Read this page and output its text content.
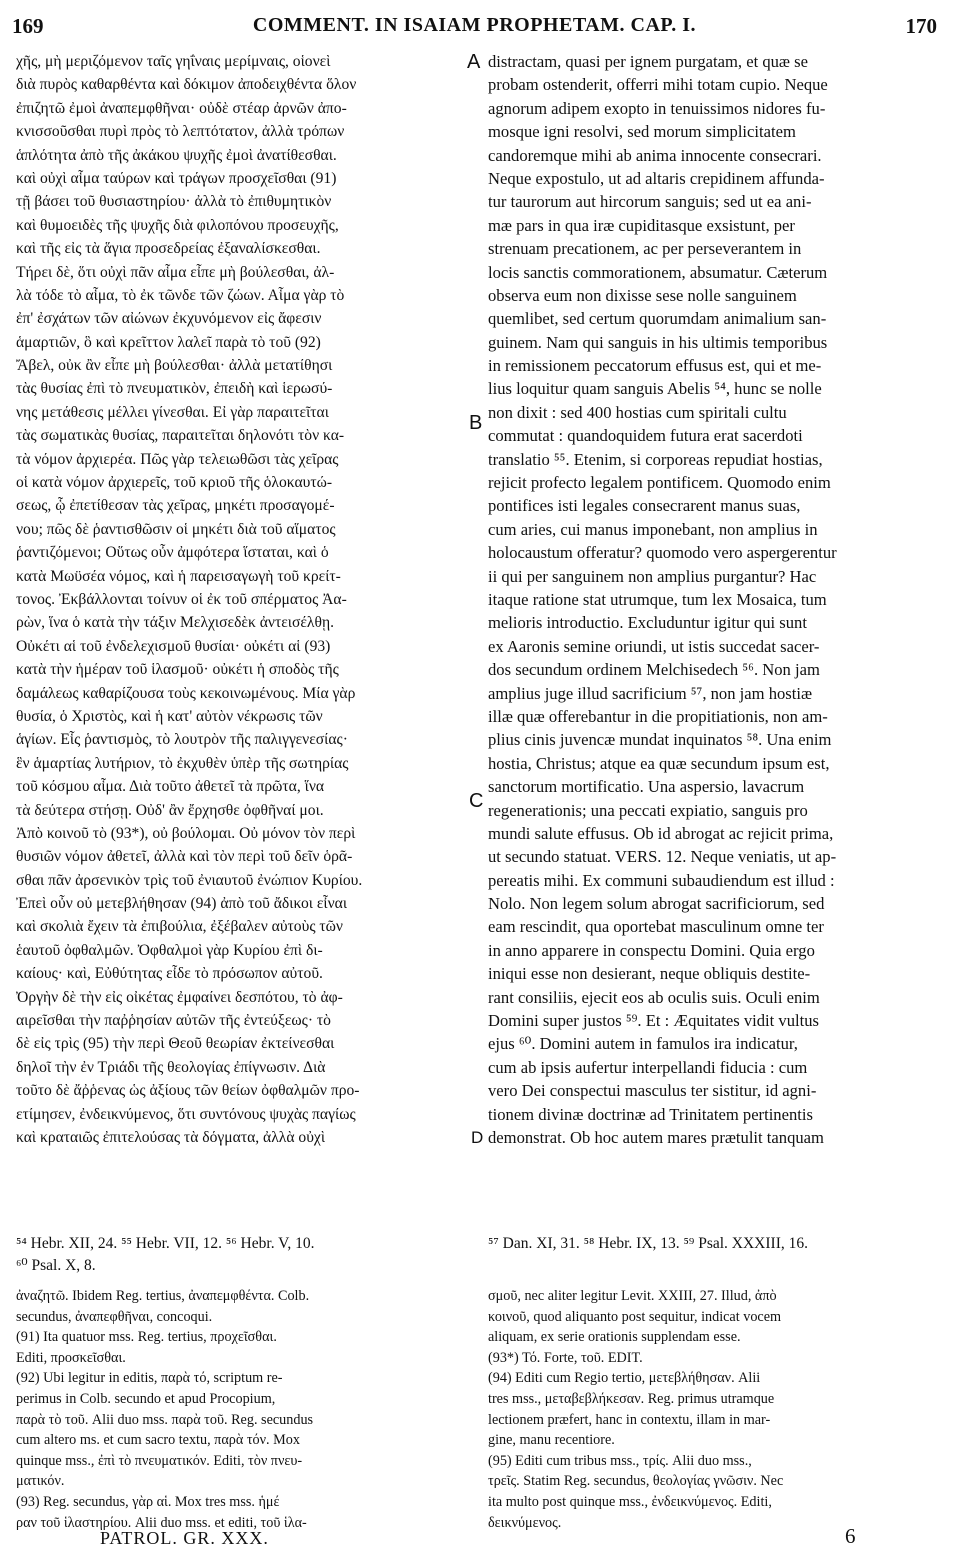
169	COMMENT. IN ISAIAM PROPHETAM. CAP. I.	170
χῆς, μὴ μεριζόμενον ταῖς γηΐναις μερίμναις, οἱονεὶ
διὰ πυρὸς καθαρθέντα καὶ δόκιμον ἀποδειχθέντα ὅλον
ἐπιζητῶ ἐμοὶ ἀναπεμφθῆναι· οὐδὲ στέαρ ἀρνῶν ἀπο-
κνισσοῦσθαι πυρὶ πρὸς τὸ λεπτότατον, ἀλλὰ τρόπων
ἁπλότητα ἀπὸ τῆς ἀκάκου ψυχῆς ἐμοὶ ἀνατίθεσθαι.
καὶ οὐχὶ αἷμα ταύρων καὶ τράγων προσχεῖσθαι (91)
τῇ βάσει τοῦ θυσιαστηρίου· ἀλλὰ τὸ ἐπιθυμητικὸν
καὶ θυμοειδὲς τῆς ψυχῆς διὰ φιλοπόνου προσευχῆς,
καὶ τῆς εἰς τὰ ἅγια προσεδρείας ἐξαναλίσκεσθαι.
Τήρει δὲ, ὅτι οὐχὶ πᾶν αἷμα εἶπε μὴ βούλεσθαι, ἀλ-
λὰ τόδε τὸ αἷμα, τὸ ἐκ τῶνδε τῶν ζώων. Αἷμα γὰρ τὸ
ἐπ' ἐσχάτων τῶν αἰώνων ἐκχυνόμενον εἰς ἄφεσιν
ἁμαρτιῶν, ὃ καὶ κρεῖττον λαλεῖ παρὰ τὸ τοῦ (92)
Ἄβελ, οὐκ ἂν εἶπε μὴ βούλεσθαι· ἀλλὰ μετατίθησι
τὰς θυσίας ἐπὶ τὸ πνευματικὸν, ἐπειδὴ καὶ ἱερωσύ-
νης μετάθεσις μέλλει γίνεσθαι. Εἰ γὰρ παραιτεῖται
τὰς σωματικὰς θυσίας, παραιτεῖται δηλονότι τὸν κα-
τὰ νόμον ἀρχιερέα. Πῶς γὰρ τελειωθῶσι τὰς χεῖρας
οἱ κατὰ νόμον ἀρχιερεῖς, τοῦ κριοῦ τῆς ὁλοκαυτώ-
σεως, ᾧ ἐπετίθεσαν τὰς χεῖρας, μηκέτι προσαγομέ-
νου; πῶς δὲ ῥαντισθῶσιν οἱ μηκέτι διὰ τοῦ αἵματος
ῥαντιζόμενοι; Οὕτως οὖν ἀμφότερα ἵσταται, καὶ ὁ
κατὰ Μωϋσέα νόμος, καὶ ἡ παρεισαγωγὴ τοῦ κρείτ-
τονος. Ἐκβάλλονται τοίνυν οἱ ἐκ τοῦ σπέρματος Ἀα-
ρὼν, ἵνα ὁ κατὰ τὴν τάξιν Μελχισεδὲκ ἀντεισέλθῃ.
Οὐκέτι αἱ τοῦ ἐνδελεχισμοῦ θυσίαι· οὐκέτι αἱ (93)
κατὰ τὴν ἡμέραν τοῦ ἱλασμοῦ· οὐκέτι ἡ σποδὸς τῆς
δαμάλεως καθαρίζουσα τοὺς κεκοινωμένους. Μία γὰρ
θυσία, ὁ Χριστὸς, καὶ ἡ κατ' αὐτὸν νέκρωσις τῶν
ἁγίων. Εἷς ῥαντισμὸς, τὸ λουτρὸν τῆς παλιγγενεσίας·
ἓν ἁμαρτίας λυτήριον, τὸ ἐκχυθὲν ὑπὲρ τῆς σωτηρίας
τοῦ κόσμου αἷμα. Διὰ τοῦτο ἀθετεῖ τὰ πρῶτα, ἵνα
τὰ δεύτερα στήσῃ. Οὐδ' ἂν ἔρχησθε ὀφθῆναί μοι.
Ἀπὸ κοινοῦ τὸ (93*), οὐ βούλομαι. Οὐ μόνον τὸν περὶ
θυσιῶν νόμον ἀθετεῖ, ἀλλὰ καὶ τὸν περὶ τοῦ δεῖν ὁρᾶ-
σθαι πᾶν ἀρσενικὸν τρὶς τοῦ ἐνιαυτοῦ ἐνώπιον Κυρίου.
Ἐπεὶ οὖν οὐ μετεβλήθησαν (94) ἀπὸ τοῦ ἄδικοι εἶναι
καὶ σκολιὰ ἔχειν τὰ ἐπιβούλια, ἐξέβαλεν αὐτοὺς τῶν
ἑαυτοῦ ὀφθαλμῶν. Ὀφθαλμοὶ γὰρ Κυρίου ἐπὶ δι-
καίους· καὶ, Εὐθύτητας εἶδε τὸ πρόσωπον αὐτοῦ.
Ὀργὴν δὲ τὴν εἰς οἰκέτας ἐμφαίνει δεσπότου, τὸ ἀφ-
αιρεῖσθαι τὴν παῤῥησίαν αὐτῶν τῆς ἐντεύξεως· τὸ
δὲ εἰς τρὶς (95) τὴν περὶ Θεοῦ θεωρίαν ἐκτείνεσθαι
δηλοῖ τὴν ἐν Τριάδι τῆς θεολογίας ἐπίγνωσιν. Διὰ
τοῦτο δὲ ἄῤῥενας ὡς ἀξίους τῶν θείων ὀφθαλμῶν προ-
ετίμησεν, ἐνδεικνύμενος, ὅτι συντόνους ψυχὰς παγίως
καὶ κραταιῶς ἐπιτελούσας τὰ δόγματα, ἀλλὰ οὐχὶ
distractam, quasi per ignem purgatam, et quæ se
probam ostenderit, offerri mihi totam cupio. Neque
agnorum adipem exopto in tenuissimos nidores fu-
mosque igni resolvi, sed morum simplicitatem
candoremque mihi ab anima innocente consecrari.
Neque expostulo, ut ad altaris crepidinem affunda-
tur taurorum aut hircorum sanguis; sed ut ea ani-
mæ pars in qua iræ cupiditasque exsistunt, per
strenuam precationem, ac per perseverantem in
locis sanctis commorationem, absumatur. Cæterum
observa eum non dixisse sese nolle sanguinem
quemlibet, sed certum quorumdam animalium san-
guinem. Nam qui sanguis in his ultimis temporibus
in remissionem peccatorum effusus est, qui et me-
lius loquitur quam sanguis Abelis ⁵⁴, hunc se nolle
non dixit : sed 400 hostias cum spiritali cultu
commutat : quandoquidem futura erat sacerdoti
translatio ⁵⁵. Etenim, si corporeas repudiat hostias,
rejicit profecto legalem pontificem. Quomodo enim
pontifices isti legales consecrarent manus suas,
cum aries, cui manus imponebant, non amplius in
holocaustum offeratur? quomodo vero aspergerentur
ii qui per sanguinem non amplius purgantur? Hac
itaque ratione stat utrumque, tum lex Mosaica, tum
melioris introductio. Excluduntur igitur qui sunt
ex Aaronis semine oriundi, ut istis succedat sacer-
dos secundum ordinem Melchisedech ⁵⁶. Non jam
amplius juge illud sacrificium ⁵⁷, non jam hostiæ
illæ quæ offerebantur in die propitiationis, non am-
plius cinis juvencæ mundat inquinatos ⁵⁸. Una enim
hostia, Christus; atque ea quæ secundum ipsum est,
sanctorum mortificatio. Una aspersio, lavacrum
regenerationis; una peccati expiatio, sanguis pro
mundi salute effusus. Ob id abrogat ac rejicit prima,
ut secundo statuat. VERS. 12. Neque veniatis, ut ap-
pereatis mihi. Ex communi subaudiendum est illud :
Nolo. Non legem solum abrogat sacrificiorum, sed
eam rescindit, qua oportebat masculinum omne ter
in anno apparere in conspectu Domini. Quia ergo
iniqui esse non desierant, neque obliquis destite-
rant consiliis, ejecit eos ab oculis suis. Oculi enim
Domini super justos ⁵⁹. Et : Æquitates vidit vultus
ejus ⁶⁰. Domini autem in famulos ira indicatur,
cum ab ipsis aufertur interpellandi fiducia : cum
vero Dei conspectui masculus ter sistitur, id agni-
tionem divinæ doctrinæ ad Trinitatem pertinentis
demonstrat. Ob hoc autem mares prætulit tanquam
A
B
C
D
⁵⁴ Hebr. XII, 24. ⁵⁵ Hebr. VII, 12. ⁵⁶ Hebr. V, 10.
⁶⁰ Psal. X, 8.
⁵⁷ Dan. XI, 31. ⁵⁸ Hebr. IX, 13. ⁵⁹ Psal. XXXIII, 16.
ἀναζητῶ. Ibidem Reg. tertius, ἀναπεμφθέντα. Colb.
secundus, ἀναπεφθῆναι, concoqui.
(91) Ita quatuor mss. Reg. tertius, προχεῖσθαι.
Editi, προσκεῖσθαι.
(92) Ubi legitur in editis, παρὰ τό, scriptum re-
perimus in Colb. secundo et apud Procopium,
παρὰ τὸ τοῦ. Alii duo mss. παρὰ τοῦ. Reg. secundus
cum altero ms. et cum sacro textu, παρὰ τόν. Mox
quinque mss., ἐπὶ τὸ πνευματικόν. Editi, τὸν πνευ-
ματικόν.
(93) Reg. secundus, γὰρ αἱ. Mox tres mss. ἡμέ
ραν τοῦ ἱλαστηρίου. Alii duo mss. et editi, τοῦ ἱλα-
σμοῦ, nec aliter legitur Levit. XXIII, 27. Illud, ἀπὸ
κοινοῦ, quod aliquanto post sequitur, indicat vocem
aliquam, ex serie orationis supplendam esse.
(93*) Τό. Forte, τοῦ. EDIT.
(94) Editi cum Regio tertio, μετεβλήθησαν. Alii
tres mss., μεταβεβλήκεσαν. Reg. primus utramque
lectionem præfert, hanc in contextu, illam in mar-
gine, manu recentiore.
(95) Editi cum tribus mss., τρίς. Alii duo mss.,
τρεῖς. Statim Reg. secundus, θεολογίας γνῶσιν. Nec
ita multo post quinque mss., ἐνδεικνύμενος. Editi,
δεικνύμενος.
PATROL. GR. XXX.	6
